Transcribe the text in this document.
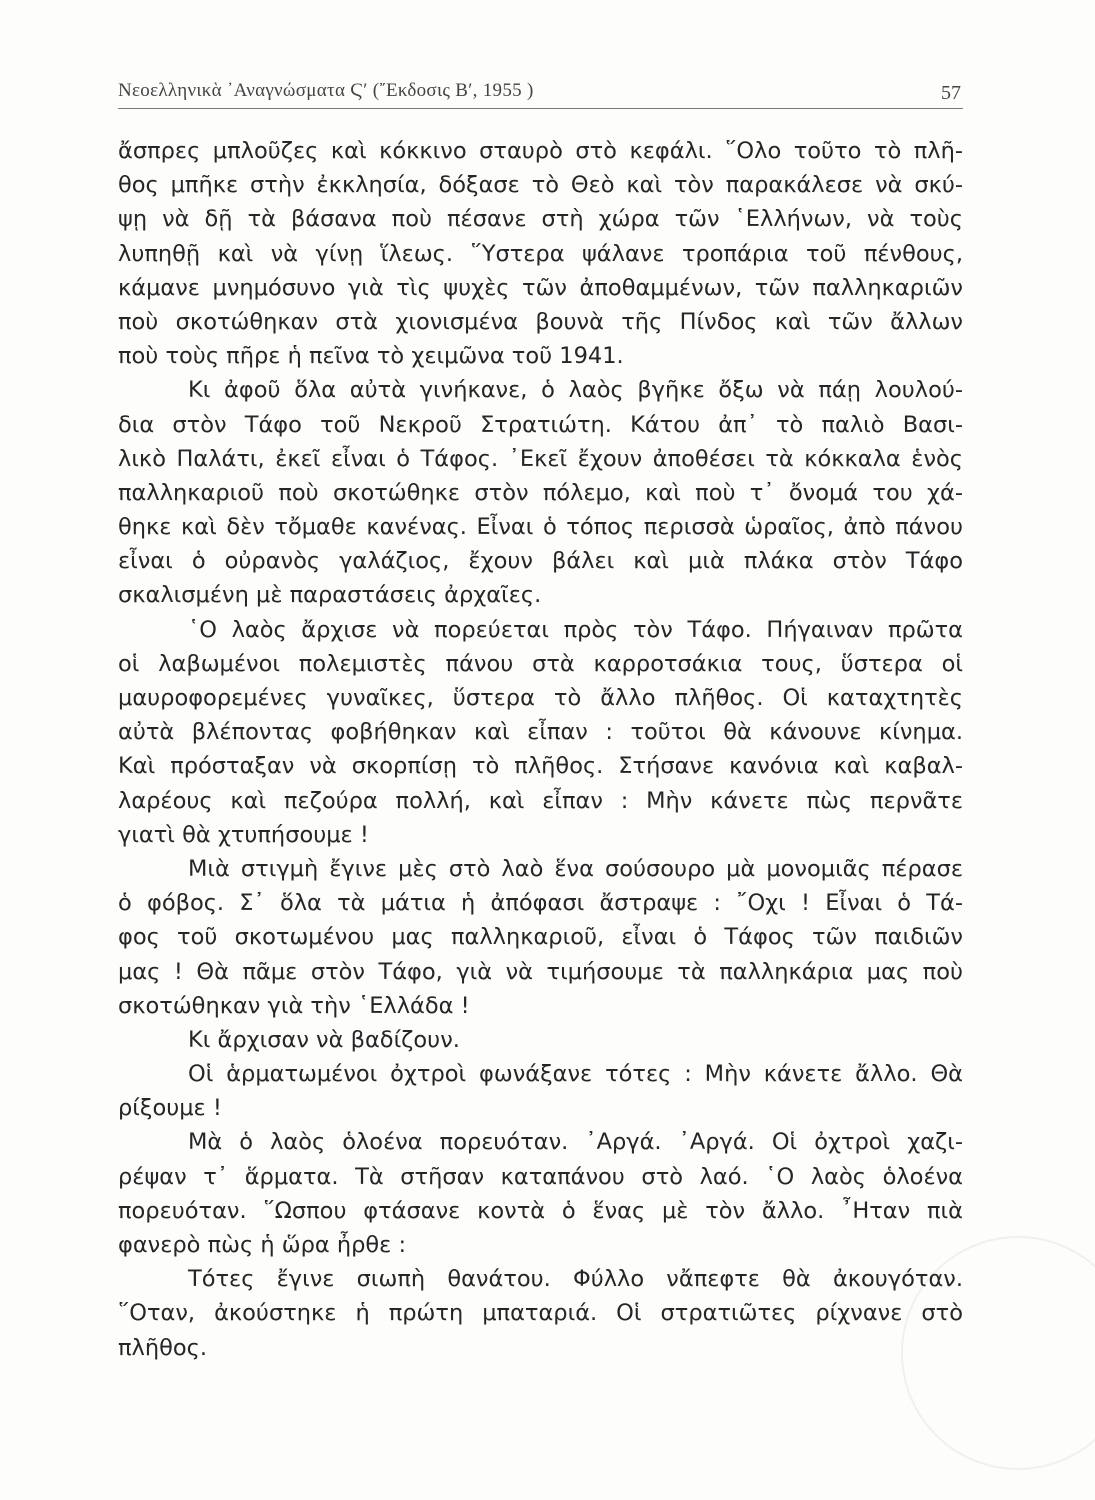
Νεοελληνικὰ ᾿Αναγνώσματα Ϛ′ (῎Εκδοσις Β′, 1955 )	57
ἄσπρες μπλοῦζες καὶ κόκκινο σταυρὸ στὸ κεφάλι. ῞Ολο τοῦτο τὸ πλῆ-
θος μπῆκε στὴν ἐκκλησία, δόξασε τὸ Θεὸ καὶ τὸν παρακάλεσε νὰ σκύ-
ψῃ νὰ δῇ τὰ βάσανα ποὺ πέσανε στὴ χώρα τῶν ῾Ελλήνων, νὰ τοὺς
λυπηθῇ καὶ νὰ γίνῃ ἵλεως. ῞Υστερα ψάλανε τροπάρια τοῦ πένθους,
κάμανε μνημόσυνο γιὰ τὶς ψυχὲς τῶν ἀποθαμμένων, τῶν παλληκαριῶν
ποὺ σκοτώθηκαν στὰ χιονισμένα βουνὰ τῆς Πίνδος καὶ τῶν ἄλλων
ποὺ τοὺς πῆρε ἡ πεῖνα τὸ χειμῶνα τοῦ 1941.
Κι ἀφοῦ ὅλα αὐτὰ γινήκανε, ὁ λαὸς βγῆκε ὄξω νὰ πάῃ λουλού-
δια στὸν Τάφο τοῦ Νεκροῦ Στρατιώτη. Κάτου ἀπ᾿ τὸ παλιὸ Βασι-
λικὸ Παλάτι, ἐκεῖ εἶναι ὁ Τάφος. ᾿Εκεῖ ἔχουν ἀποθέσει τὰ κόκκαλα ἑνὸς
παλληκαριοῦ ποὺ σκοτώθηκε στὸν πόλεμο, καὶ ποὺ τ᾿ ὄνομά του χά-
θηκε καὶ δὲν τὄμαθε κανένας. Εἶναι ὁ τόπος περισσὰ ὡραῖος, ἀπὸ πάνου
εἶναι ὁ οὐρανὸς γαλάζιος, ἔχουν βάλει καὶ μιὰ πλάκα στὸν Τάφο
σκαλισμένη μὲ παραστάσεις ἀρχαῖες.
῾Ο λαὸς ἄρχισε νὰ πορεύεται πρὸς τὸν Τάφο. Πήγαιναν πρῶτα
οἱ λαβωμένοι πολεμιστὲς πάνου στὰ καρροτσάκια τους, ὕστερα οἱ
μαυροφορεμένες γυναῖκες, ὕστερα τὸ ἄλλο πλῆθος. Οἱ καταχτητὲς
αὐτὰ βλέποντας φοβήθηκαν καὶ εἶπαν : τοῦτοι θὰ κάνουνε κίνημα.
Καὶ πρόσταξαν νὰ σκορπίσῃ τὸ πλῆθος. Στήσανε κανόνια καὶ καβαλ-
λαρέους καὶ πεζούρα πολλή, καὶ εἶπαν : Μὴν κάνετε πὼς περνᾶτε
γιατὶ θὰ χτυπήσουμε !
Μιὰ στιγμὴ ἔγινε μὲς στὸ λαὸ ἕνα σούσουρο μὰ μονομιᾶς πέρασε
ὁ φόβος. Σ᾿ ὅλα τὰ μάτια ἡ ἀπόφασι ἄστραψε : ῎Οχι ! Εἶναι ὁ Τά-
φος τοῦ σκοτωμένου μας παλληκαριοῦ, εἶναι ὁ Τάφος τῶν παιδιῶν
μας ! Θὰ πᾶμε στὸν Τάφο, γιὰ νὰ τιμήσουμε τὰ παλληκάρια μας ποὺ
σκοτώθηκαν γιὰ τὴν ῾Ελλάδα !
Κι ἄρχισαν νὰ βαδίζουν.
Οἱ ἁρματωμένοι ὀχτροὶ φωνάξανε τότες : Μὴν κάνετε ἄλλο. Θὰ
ρίξουμε !
Μὰ ὁ λαὸς ὁλοένα πορευόταν. ᾿Αργά. ᾿Αργά. Οἱ ὀχτροὶ χαζι-
ρέψαν τ᾿ ἅρματα. Τὰ στῆσαν καταπάνου στὸ λαό. ῾Ο λαὸς ὁλοένα
πορευόταν. ῞Ωσπου φτάσανε κοντὰ ὁ ἕνας μὲ τὸν ἄλλο. ῏Ηταν πιὰ
φανερὸ πὼς ἡ ὥρα ἦρθε :
Τότες ἔγινε σιωπὴ θανάτου. Φύλλο νἄπεφτε θὰ ἀκουγόταν.
῞Οταν, ἀκούστηκε ἡ πρώτη μπαταριά. Οἱ στρατιῶτες ρίχνανε στὸ
πλῆθος.
